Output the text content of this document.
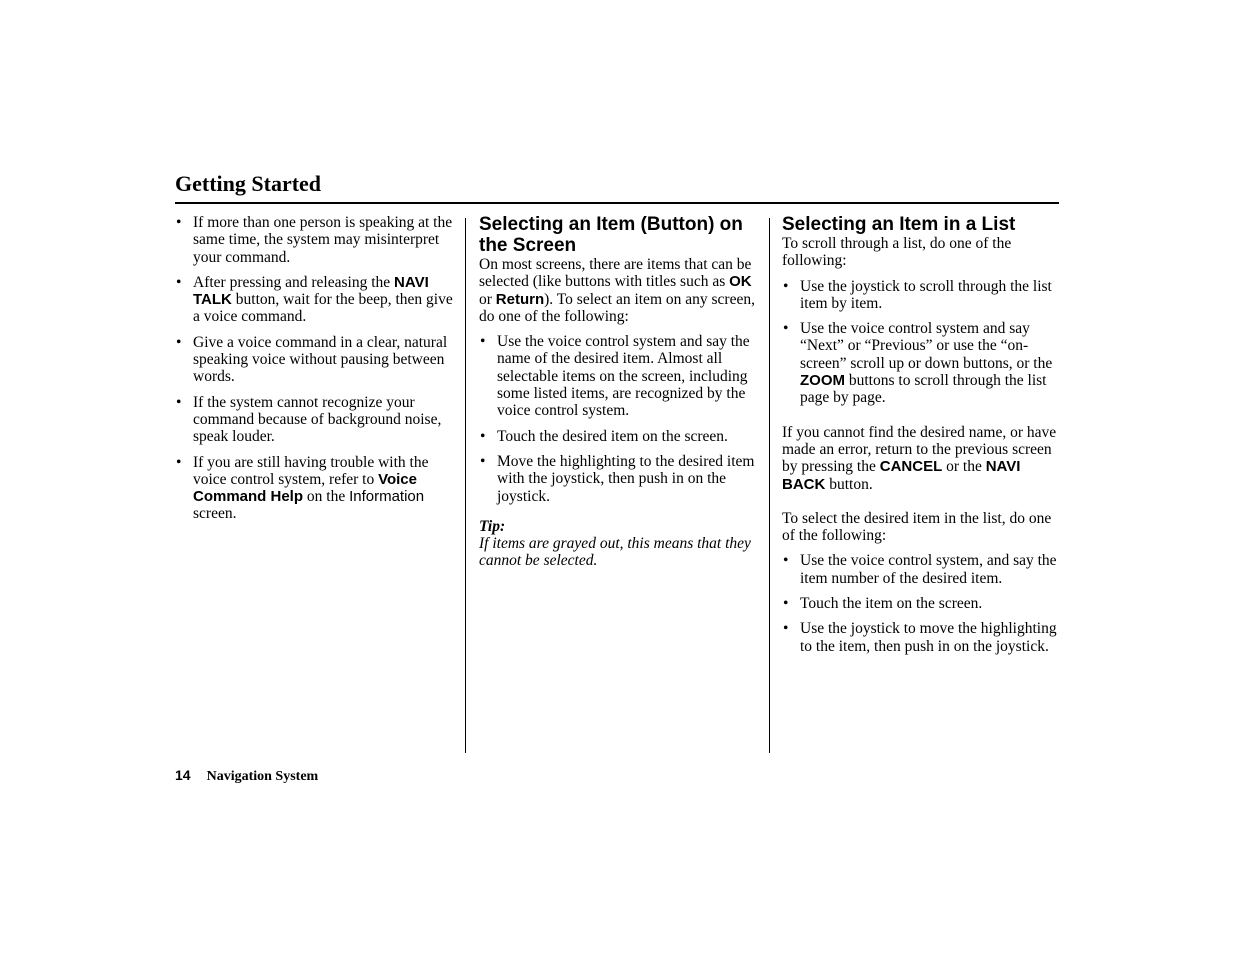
Getting Started
• If more than one person is speaking at the same time, the system may misinterpret your command.
• After pressing and releasing the NAVI TALK button, wait for the beep, then give a voice command.
• Give a voice command in a clear, natural speaking voice without pausing between words.
• If the system cannot recognize your command because of background noise, speak louder.
• If you are still having trouble with the voice control system, refer to Voice Command Help on the Information screen.
Selecting an Item (Button) on the Screen

On most screens, there are items that can be selected (like buttons with titles such as OK or Return). To select an item on any screen, do one of the following:

• Use the voice control system and say the name of the desired item. Almost all selectable items on the screen, including some listed items, are recognized by the voice control system.
• Touch the desired item on the screen.
• Move the highlighting to the desired item with the joystick, then push in on the joystick.
Tip:

If items are grayed out, this means that they cannot be selected.

Selecting an Item in a List

To scroll through a list, do one of the following:

• Use the joystick to scroll through the list item by item.
• Use the voice control system and say “Next” or “Previous” or use the “on-screen” scroll up or down buttons, or the ZOOM buttons to scroll through the list page by page.

If you cannot find the desired name, or have made an error, return to the previous screen by pressing the CANCEL or the NAVI BACK button.

To select the desired item in the list, do one of the following:

• Use the voice control system, and say the item number of the desired item.
• Touch the item on the screen.
• Use the joystick to move the highlighting to the item, then push in on the joystick.
14 Navigation System
